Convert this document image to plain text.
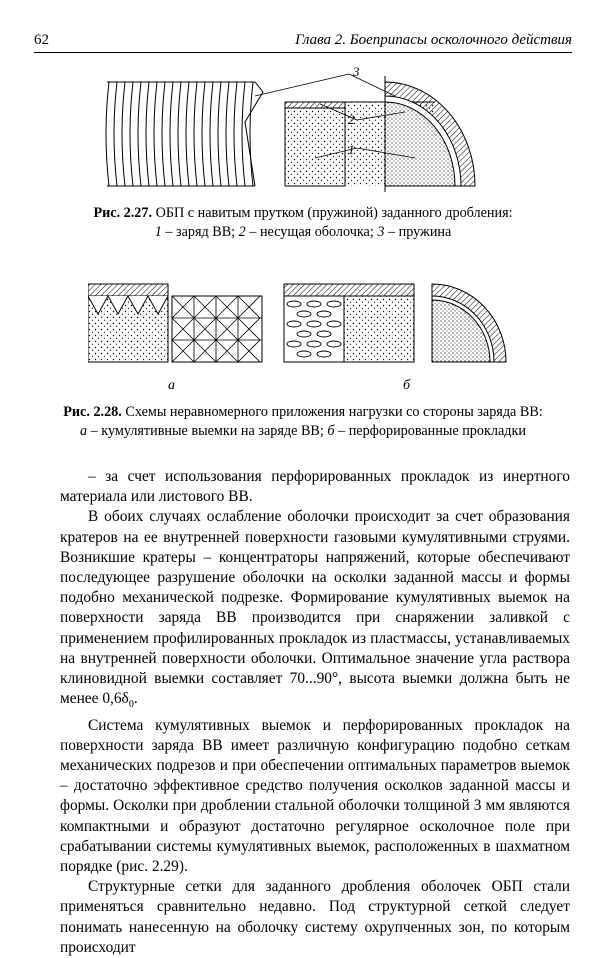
62	Глава 2. Боеприпасы осколочного действия
3
2
1
Рис. 2.27. ОБП с навитым прутком (пружиной) заданного дробления:
1 – заряд ВВ; 2 – несущая оболочка; 3 – пружина
а	б
Рис. 2.28. Схемы неравномерного приложения нагрузки со стороны заряда ВВ:
а – кумулятивные выемки на заряде ВВ; б – перфорированные прокладки

– за счет использования перфорированных прокладок из инертного материала или листового ВВ.

В обоих случаях ослабление оболочки происходит за счет образования кратеров на ее внутренней поверхности газовыми кумулятивными струями. Возникшие кратеры – концентраторы напряжений, которые обеспечивают последующее разрушение оболочки на осколки заданной массы и формы подобно механической подрезке. Формирование кумулятивных выемок на поверхности заряда ВВ производится при снаряжении заливкой с применением профилированных прокладок из пластмассы, устанавливаемых на внутренней поверхности оболочки. Оптимальное значение угла раствора клиновидной выемки составляет 70...90°, высота выемки должна быть не менее $0,6\delta_0$.

Система кумулятивных выемок и перфорированных прокладок на поверхности заряда ВВ имеет различную конфигурацию подобно сеткам механических подрезов и при обеспечении оптимальных параметров выемок – достаточно эффективное средство получения осколков заданной массы и формы. Осколки при дроблении стальной оболочки толщиной 3 мм являются компактными и образуют достаточно регулярное осколочное поле при срабатывании системы кумулятивных выемок, расположенных в шахматном порядке (рис. 2.29).

Структурные сетки для заданного дробления оболочек ОБП стали применяться сравнительно недавно. Под структурной сеткой следует понимать нанесенную на оболочку систему охрупченных зон, по которым происходит
